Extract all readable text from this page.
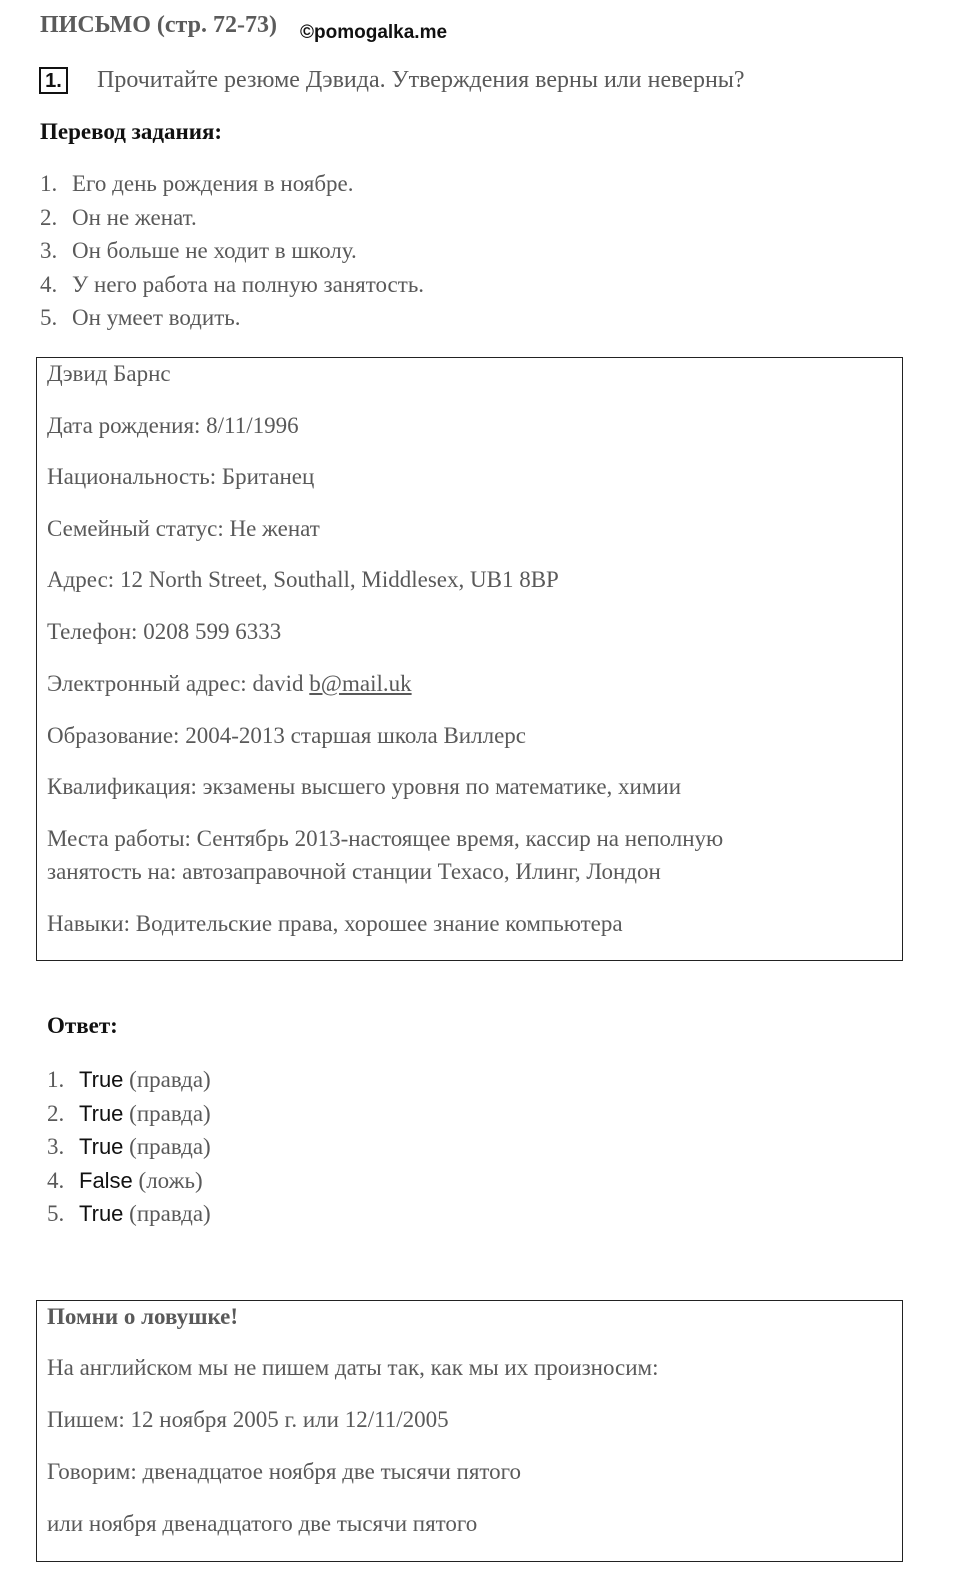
ПИСЬМО (стр. 72-73) ©pomogalka.me
1. Прочитайте резюме Дэвида. Утверждения верны или неверны?
Перевод задания:
1. Его день рождения в ноябре.
2. Он не женат.
3. Он больше не ходит в школу.
4. У него работа на полную занятость.
5. Он умеет водить.
Дэвид Барнс
Дата рождения: 8/11/1996
Национальность: Британец
Семейный статус: Не женат
Адрес: 12 North Street, Southall, Middlesex, UB1 8BP
Телефон: 0208 599 6333
Электронный адрес: david b@mail.uk
Образование: 2004-2013 старшая школа Виллерс
Квалификация: экзамены высшего уровня по математике, химии
Места работы: Сентябрь 2013-настоящее время, кассир на неполную
занятость на: автозаправочной станции Техасо, Илинг, Лондон
Навыки: Водительские права, хорошее знание компьютера
Ответ:
1. True (правда)
2. True (правда)
3. True (правда)
4. False (ложь)
5. True (правда)
Помни о ловушке!
На английском мы не пишем даты так, как мы их произносим:
Пишем: 12 ноября 2005 г. или 12/11/2005
Говорим: двенадцатое ноября две тысячи пятого
или ноября двенадцатого две тысячи пятого
